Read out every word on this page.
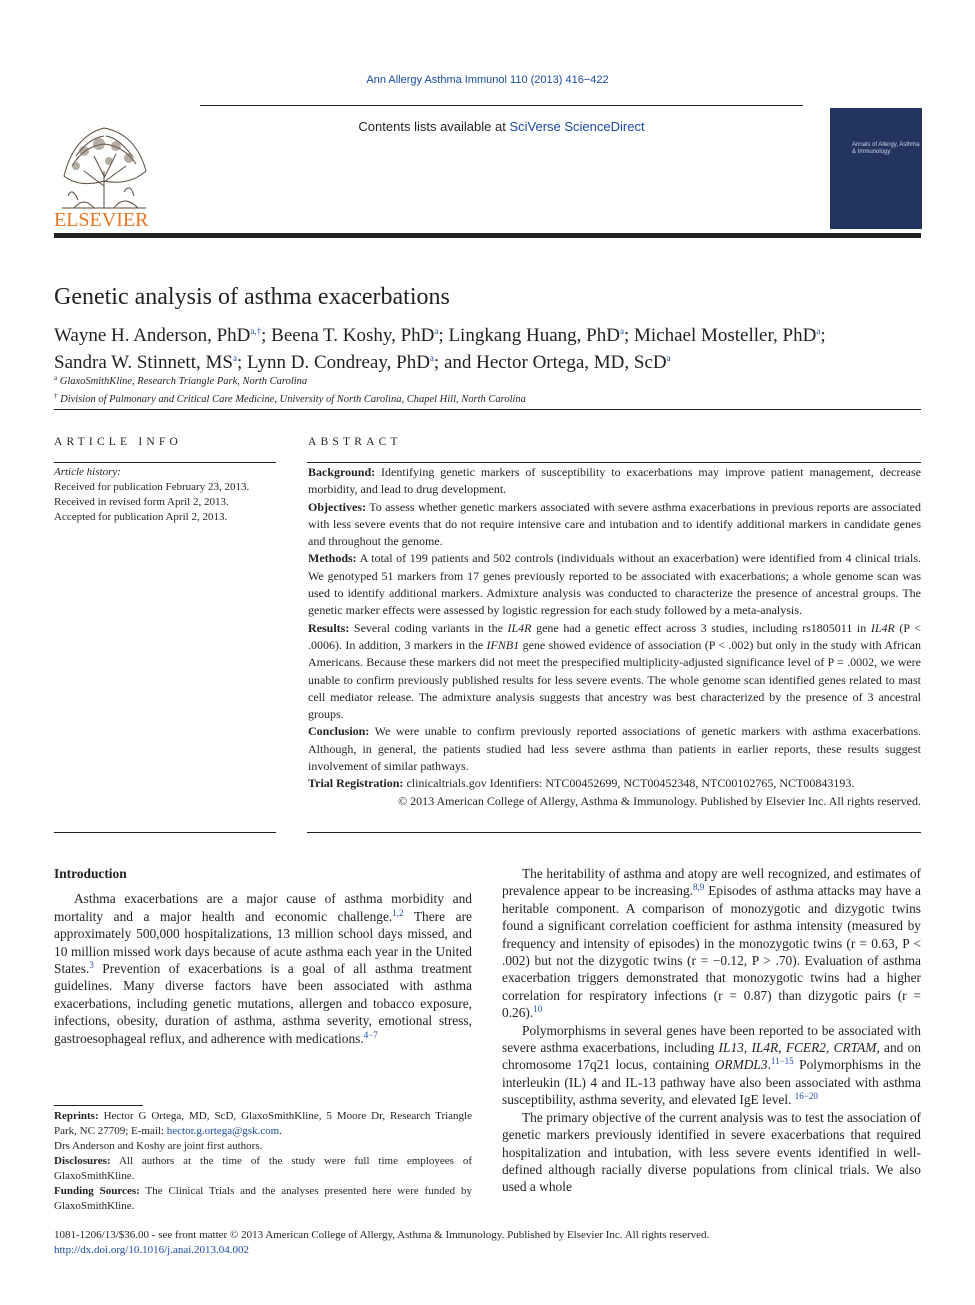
Ann Allergy Asthma Immunol 110 (2013) 416−422
Contents lists available at SciVerse ScienceDirect
ELSEVIER
Annals of Allergy, Asthma & Immunology
Genetic analysis of asthma exacerbations
Wayne H. Anderson, PhD$^{a,\dagger}$; Beena T. Koshy, PhD$^a$; Lingkang Huang, PhD$^a$; Michael Mosteller, PhD$^a$;
Sandra W. Stinnett, $MS^a$; Lynn D. Condreay, PhD$^a$; and Hector Ortega, MD, ScD$^a$
$^a$ GlaxoSmithKline, Research Triangle Park, North Carolina
† Division of Pulmonary and Critical Care Medicine, University of North Carolina, Chapel Hill, North Carolina
ARTICLE INFO
Article history:
Received for publication February 23, 2013.
Received in revised form April 2, 2013.
Accepted for publication April 2, 2013.
ABSTRACT

Background: Identifying genetic markers of susceptibility to exacerbations may improve patient management, decrease morbidity, and lead to drug development.

Objectives: To assess whether genetic markers associated with severe asthma exacerbations in previous reports are associated with less severe events that do not require intensive care and intubation and to identify additional markers in candidate genes and throughout the genome.

Methods: A total of 199 patients and 502 controls (individuals without an exacerbation) were identified from 4 clinical trials. We genotyped 51 markers from 17 genes previously reported to be associated with exacerbations; a whole genome scan was used to identify additional markers. Admixture analysis was conducted to characterize the presence of ancestral groups. The genetic marker effects were assessed by logistic regression for each study followed by a meta-analysis.

Results: Several coding variants in the IL4R gene had a genetic effect across 3 studies, including rs1805011 in IL4R (P < .0006). In addition, 3 markers in the IFNB1 gene showed evidence of association (P < .002) but only in the study with African Americans. Because these markers did not meet the prespecified multiplicity-adjusted significance level of P = .0002, we were unable to confirm previously published results for less severe events. The whole genome scan identified genes related to mast cell mediator release. The admixture analysis suggests that ancestry was best characterized by the presence of 3 ancestral groups.

Conclusion: We were unable to confirm previously reported associations of genetic markers with asthma exacerbations. Although, in general, the patients studied had less severe asthma than patients in earlier reports, these results suggest involvement of similar pathways.

Trial Registration: clinicaltrials.gov Identifiers: NTC00452699, NCT00452348, NTC00102765, NCT00843193.

© 2013 American College of Allergy, Asthma & Immunology. Published by Elsevier Inc. All rights reserved.

Introduction

Asthma exacerbations are a major cause of asthma morbidity and mortality and a major health and economic challenge.$^{1,2}$ There are approximately 500,000 hospitalizations, 13 million school days missed, and 10 million missed work days because of acute asthma each year in the United States.$^3$ Prevention of exacerbations is a goal of all asthma treatment guidelines. Many diverse factors have been associated with asthma exacerbations, including genetic mutations, allergen and tobacco exposure, infections, obesity, duration of asthma, asthma severity, emotional stress, gastroesophageal reflux, and adherence with medications.$^{4-7}$

Reprints: Hector G Ortega, MD, ScD, GlaxoSmithKline, 5 Moore Dr, Research Triangle Park, NC 27709; E-mail: hector.g.ortega@gsk.com.

Drs Anderson and Koshy are joint first authors.

Disclosures: All authors at the time of the study were full time employees of GlaxoSmithKline.

Funding Sources: The Clinical Trials and the analyses presented here were funded by GlaxoSmithKline.

The heritability of asthma and atopy are well recognized, and estimates of prevalence appear to be increasing.$^{8,9}$ Episodes of asthma attacks may have a heritable component. A comparison of monozygotic and dizygotic twins found a significant correlation coefficient for asthma intensity (measured by frequency and intensity of episodes) in the monozygotic twins (r = 0.63, P < .002) but not the dizygotic twins (r = −0.12, P > .70). Evaluation of asthma exacerbation triggers demonstrated that monozygotic twins had a higher correlation for respiratory infections (r = 0.87) than dizygotic pairs (r = 0.26).$^{10}$

Polymorphisms in several genes have been reported to be associated with severe asthma exacerbations, including IL13, IL4R, FCER2, CRTAM, and on chromosome 17q21 locus, containing ORMDL3.$^{11-15}$ Polymorphisms in the interleukin (IL) 4 and IL-13 pathway have also been associated with asthma susceptibility, asthma severity, and elevated IgE level. $^{16-20}$

The primary objective of the current analysis was to test the association of genetic markers previously identified in severe exacerbations that required hospitalization and intubation, with less severe events identified in well-defined although racially diverse populations from clinical trials. We also used a whole

1081-1206/13/$36.00 - see front matter © 2013 American College of Allergy, Asthma & Immunology. Published by Elsevier Inc. All rights reserved.
http://dx.doi.org/10.1016/j.anai.2013.04.002
